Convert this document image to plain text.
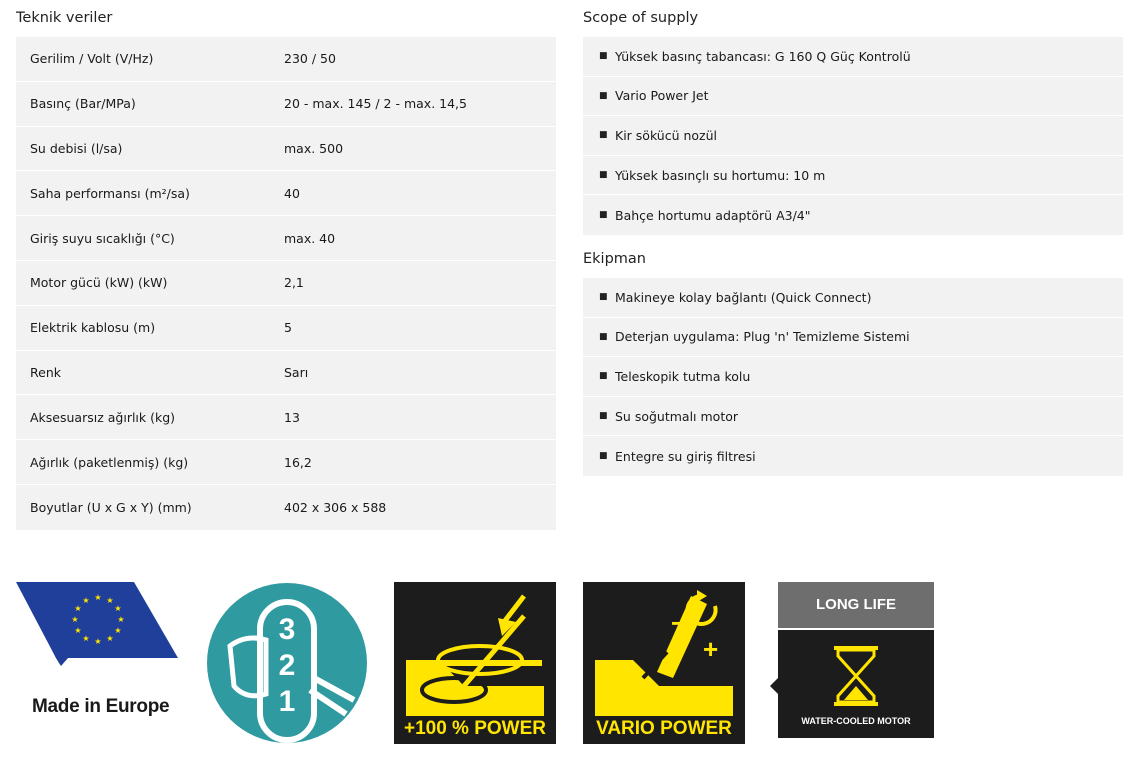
Teknik veriler
Gerilim / Volt (V/Hz)	230 / 50
Basınç (Bar/MPa)	20 - max. 145 / 2 - max. 14,5
Su debisi (l/sa)	max. 500
Saha performansı (m²/sa)	40
Giriş suyu sıcaklığı (°C)	max. 40
Motor gücü (kW) (kW)	2,1
Elektrik kablosu (m)	5
Renk	Sarı
Aksesuarsız ağırlık (kg)	13
Ağırlık (paketlenmiş) (kg)	16,2
Boyutlar (U x G x Y) (mm)	402 x 306 x 588
Scope of supply
■ Yüksek basınç tabancası: G 160 Q Güç Kontrolü
■ Vario Power Jet
■ Kir sökücü nozül
■ Yüksek basınçlı su hortumu: 10 m
■ Bahçe hortumu adaptörü A3/4"
Ekipman
■ Makineye kolay bağlantı (Quick Connect)
■ Deterjan uygulama: Plug 'n' Temizleme Sistemi
■ Teleskopik tutma kolu
■ Su soğutmalı motor
■ Entegre su giriş filtresi
★ ★
★
★
★
★
★
★
★
★
★
★
Made in Europe
3
2
1
+100 % POWER
−
+
VARIO POWER
LONG LIFE
WATER-COOLED MOTOR
